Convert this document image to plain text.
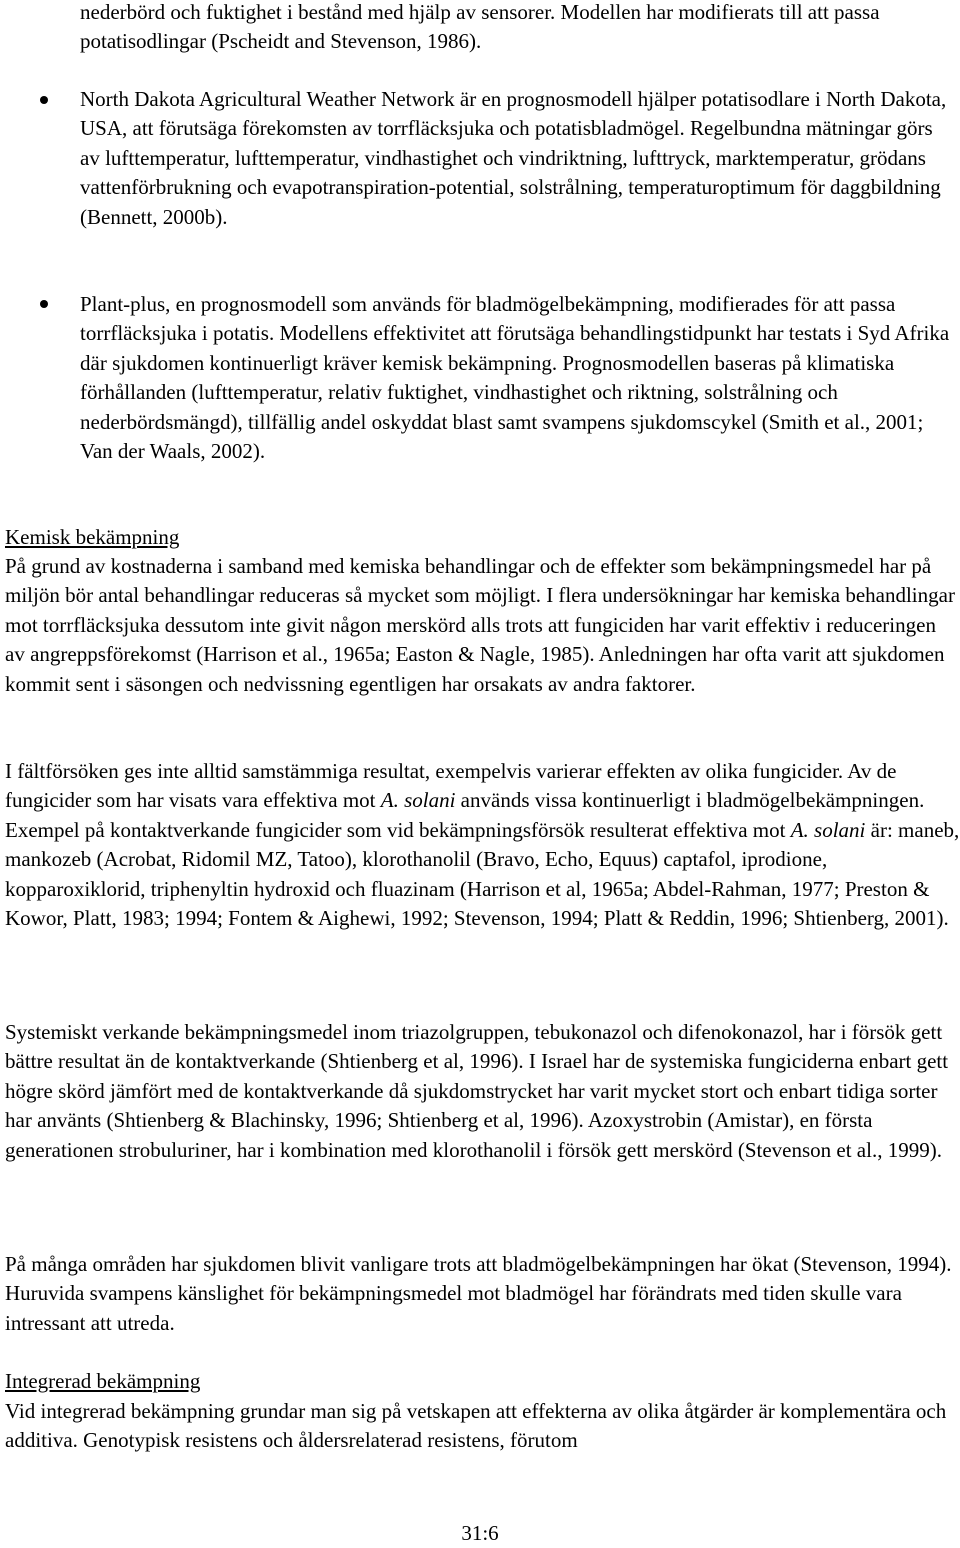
nederbörd och fuktighet i bestånd med hjälp av sensorer. Modellen har modifierats till att passa potatisodlingar (Pscheidt and Stevenson, 1986).

North Dakota Agricultural Weather Network är en prognosmodell hjälper potatisodlare i North Dakota, USA, att förutsäga förekomsten av torrfläcksjuka och potatisbladmögel. Regelbundna mätningar görs av lufttemperatur, lufttemperatur, vindhastighet och vindriktning, lufttryck, marktemperatur, grödans vattenförbrukning och evapotranspiration-potential, solstrålning, temperaturoptimum för daggbildning (Bennett, 2000b).

Plant-plus, en prognosmodell som används för bladmögelbekämpning, modifierades för att passa torrfläcksjuka i potatis. Modellens effektivitet att förutsäga behandlingstidpunkt har testats i Syd Afrika där sjukdomen kontinuerligt kräver kemisk bekämpning. Prognosmodellen baseras på klimatiska förhållanden (lufttemperatur, relativ fuktighet, vindhastighet och riktning, solstrålning och nederbördsmängd), tillfällig andel oskyddat blast samt svampens sjukdomscykel (Smith et al., 2001; Van der Waals, 2002).

Kemisk bekämpning

På grund av kostnaderna i samband med kemiska behandlingar och de effekter som bekämpningsmedel har på miljön bör antal behandlingar reduceras så mycket som möjligt. I flera undersökningar har kemiska behandlingar mot torrfläcksjuka dessutom inte givit någon merskörd alls trots att fungiciden har varit effektiv i reduceringen av angreppsförekomst (Harrison et al., 1965a; Easton & Nagle, 1985). Anledningen har ofta varit att sjukdomen kommit sent i säsongen och nedvissning egentligen har orsakats av andra faktorer.

I fältförsöken ges inte alltid samstämmiga resultat, exempelvis varierar effekten av olika fungicider. Av de fungicider som har visats vara effektiva mot A. solani används vissa kontinuerligt i bladmögelbekämpningen. Exempel på kontaktverkande fungicider som vid bekämpningsförsök resulterat effektiva mot A. solani är: maneb, mankozeb (Acrobat, Ridomil MZ, Tatoo), klorothanolil (Bravo, Echo, Equus) captafol, iprodione, kopparoxiklorid, triphenyltin hydroxid och fluazinam (Harrison et al, 1965a; Abdel-Rahman, 1977; Preston & Kowor, Platt, 1983; 1994; Fontem & Aighewi, 1992; Stevenson, 1994; Platt & Reddin, 1996; Shtienberg, 2001).

Systemiskt verkande bekämpningsmedel inom triazolgruppen, tebukonazol och difenokonazol, har i försök gett bättre resultat än de kontaktverkande (Shtienberg et al, 1996). I Israel har de systemiska fungiciderna enbart gett högre skörd jämfört med de kontaktverkande då sjukdomstrycket har varit mycket stort och enbart tidiga sorter har använts (Shtienberg & Blachinsky, 1996; Shtienberg et al, 1996). Azoxystrobin (Amistar), en första generationen strobuluriner, har i kombination med klorothanolil i försök gett merskörd (Stevenson et al., 1999).

På många områden har sjukdomen blivit vanligare trots att bladmögelbekämpningen har ökat (Stevenson, 1994). Huruvida svampens känslighet för bekämpningsmedel mot bladmögel har förändrats med tiden skulle vara intressant att utreda.

Integrerad bekämpning

Vid integrerad bekämpning grundar man sig på vetskapen att effekterna av olika åtgärder är komplementära och additiva. Genotypisk resistens och åldersrelaterad resistens, förutom

31:6
